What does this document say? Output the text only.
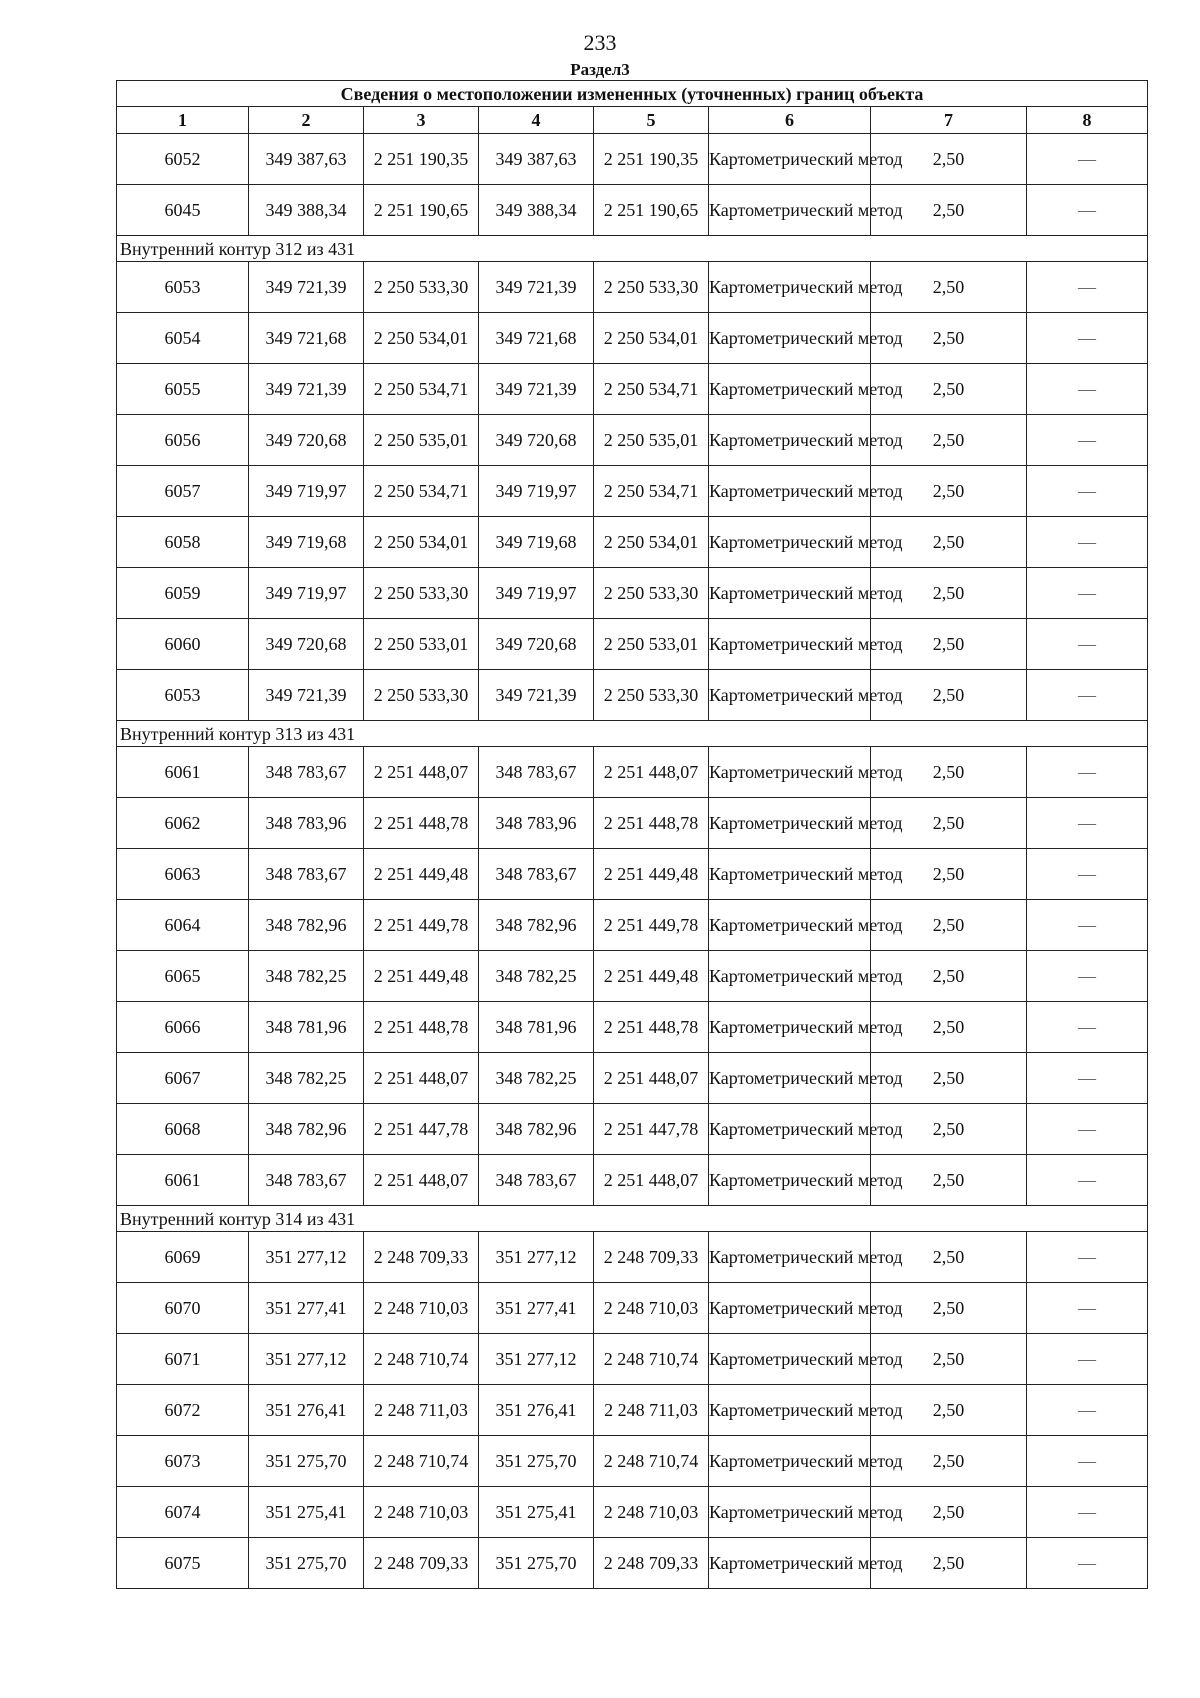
233
Раздел3
Сведения о местоположении измененных (уточненных) границ объекта							
1	2	3	4	5	6	7	8
6052	349 387,63	2 251 190,35	349 387,63	2 251 190,35	Картометрический метод	2,50	—
6045	349 388,34	2 251 190,65	349 388,34	2 251 190,65	Картометрический метод	2,50	—
Внутренний контур 312 из 431							
6053	349 721,39	2 250 533,30	349 721,39	2 250 533,30	Картометрический метод	2,50	—
6054	349 721,68	2 250 534,01	349 721,68	2 250 534,01	Картометрический метод	2,50	—
6055	349 721,39	2 250 534,71	349 721,39	2 250 534,71	Картометрический метод	2,50	—
6056	349 720,68	2 250 535,01	349 720,68	2 250 535,01	Картометрический метод	2,50	—
6057	349 719,97	2 250 534,71	349 719,97	2 250 534,71	Картометрический метод	2,50	—
6058	349 719,68	2 250 534,01	349 719,68	2 250 534,01	Картометрический метод	2,50	—
6059	349 719,97	2 250 533,30	349 719,97	2 250 533,30	Картометрический метод	2,50	—
6060	349 720,68	2 250 533,01	349 720,68	2 250 533,01	Картометрический метод	2,50	—
6053	349 721,39	2 250 533,30	349 721,39	2 250 533,30	Картометрический метод	2,50	—
Внутренний контур 313 из 431							
6061	348 783,67	2 251 448,07	348 783,67	2 251 448,07	Картометрический метод	2,50	—
6062	348 783,96	2 251 448,78	348 783,96	2 251 448,78	Картометрический метод	2,50	—
6063	348 783,67	2 251 449,48	348 783,67	2 251 449,48	Картометрический метод	2,50	—
6064	348 782,96	2 251 449,78	348 782,96	2 251 449,78	Картометрический метод	2,50	—
6065	348 782,25	2 251 449,48	348 782,25	2 251 449,48	Картометрический метод	2,50	—
6066	348 781,96	2 251 448,78	348 781,96	2 251 448,78	Картометрический метод	2,50	—
6067	348 782,25	2 251 448,07	348 782,25	2 251 448,07	Картометрический метод	2,50	—
6068	348 782,96	2 251 447,78	348 782,96	2 251 447,78	Картометрический метод	2,50	—
6061	348 783,67	2 251 448,07	348 783,67	2 251 448,07	Картометрический метод	2,50	—
Внутренний контур 314 из 431							
6069	351 277,12	2 248 709,33	351 277,12	2 248 709,33	Картометрический метод	2,50	—
6070	351 277,41	2 248 710,03	351 277,41	2 248 710,03	Картометрический метод	2,50	—
6071	351 277,12	2 248 710,74	351 277,12	2 248 710,74	Картометрический метод	2,50	—
6072	351 276,41	2 248 711,03	351 276,41	2 248 711,03	Картометрический метод	2,50	—
6073	351 275,70	2 248 710,74	351 275,70	2 248 710,74	Картометрический метод	2,50	—
6074	351 275,41	2 248 710,03	351 275,41	2 248 710,03	Картометрический метод	2,50	—
6075	351 275,70	2 248 709,33	351 275,70	2 248 709,33	Картометрический метод	2,50	—
